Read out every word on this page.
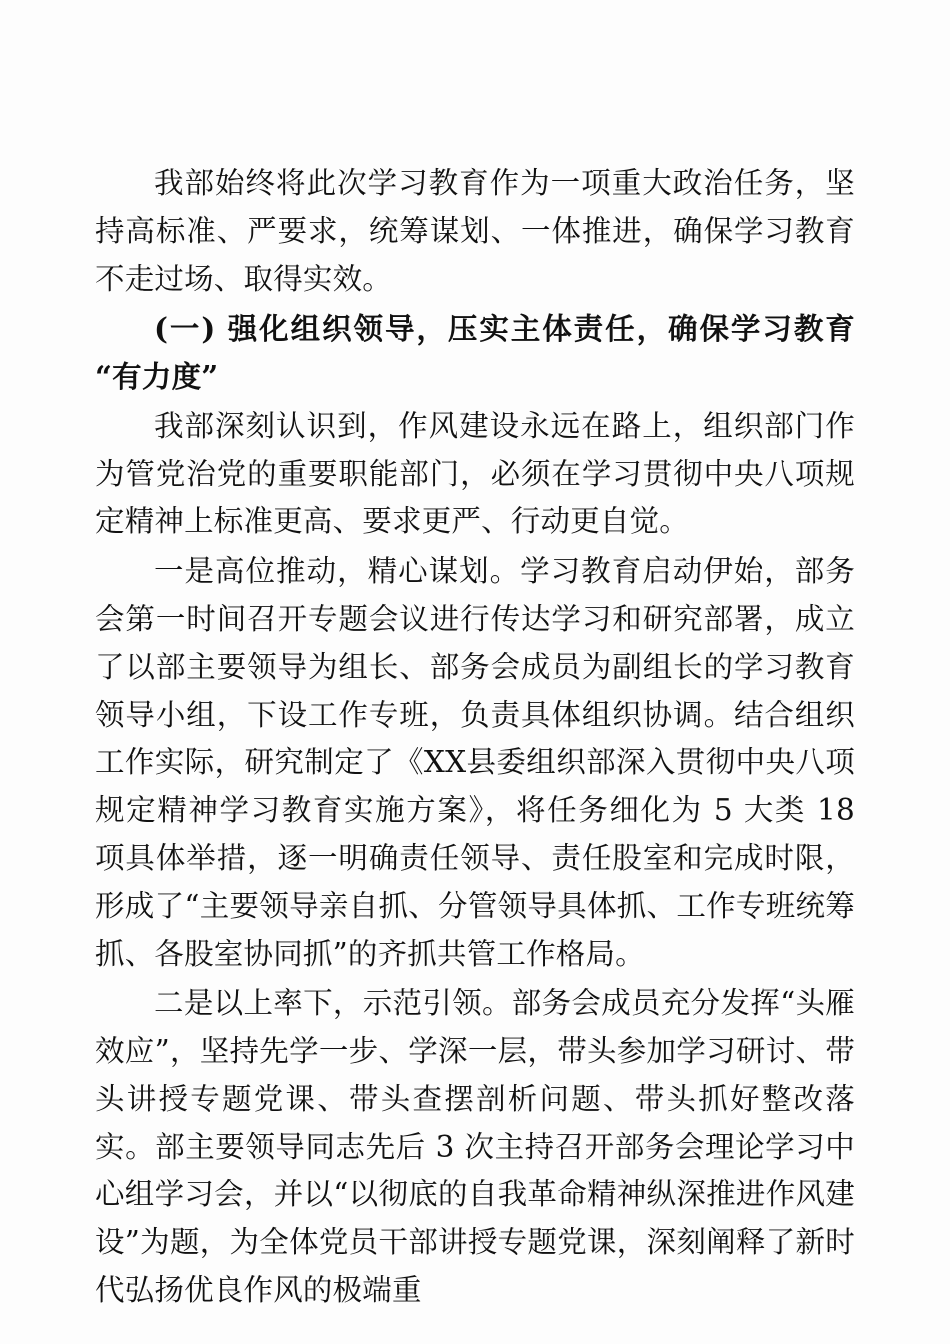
我部始终将此次学习教育作为一项重大政治任务，坚持高标准、严要求，统筹谋划、一体推进，确保学习教育不走过场、取得实效。

(一) 强化组织领导，压实主体责任，确保学习教育“有力度”

我部深刻认识到，作风建设永远在路上，组织部门作为管党治党的重要职能部门，必须在学习贯彻中央八项规定精神上标准更高、要求更严、行动更自觉。

一是高位推动，精心谋划。学习教育启动伊始，部务会第一时间召开专题会议进行传达学习和研究部署，成立了以部主要领导为组长、部务会成员为副组长的学习教育领导小组，下设工作专班，负责具体组织协调。结合组织工作实际，研究制定了《XX县委组织部深入贯彻中央八项规定精神学习教育实施方案》，将任务细化为 5 大类 18 项具体举措，逐一明确责任领导、责任股室和完成时限，形成了“主要领导亲自抓、分管领导具体抓、工作专班统筹抓、各股室协同抓”的齐抓共管工作格局。

二是以上率下，示范引领。部务会成员充分发挥“头雁效应”，坚持先学一步、学深一层，带头参加学习研讨、带头讲授专题党课、带头查摆剖析问题、带头抓好整改落实。部主要领导同志先后 3 次主持召开部务会理论学习中心组学习会，并以“以彻底的自我革命精神纵深推进作风建设”为题，为全体党员干部讲授专题党课，深刻阐释了新时代弘扬优良作风的极端重
